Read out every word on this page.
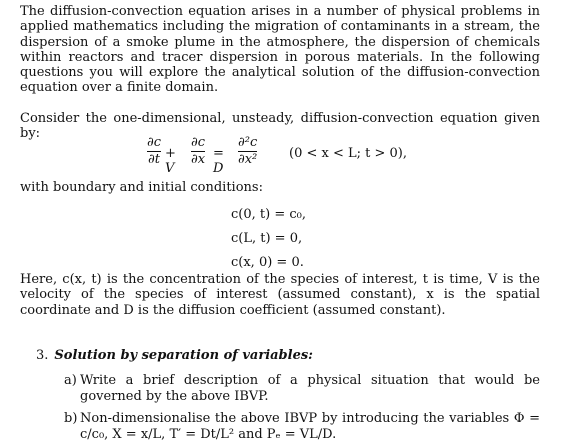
The diffusion-convection equation arises in a number of physical problems in applied mathematics including the migration of contaminants in a stream, the dispersion of a smoke plume in the atmosphere, the dispersion of chemicals within reactors and tracer dispersion in porous materials. In the following questions you will explore the analytical solution of the diffusion-convection equation over a finite domain.

Consider the one-dimensional, unsteady, diffusion-convection equation given by:

∂c
∂t + V
∂c
∂x = D
∂²c
∂x² (0 < x < L; t > 0),

with boundary and initial conditions:

c(0, t) = c₀,
c(L, t) = 0,
c(x, 0) = 0.

Here, c(x, t) is the concentration of the species of interest, t is time, V is the velocity of the species of interest (assumed constant), x is the spatial coordinate and D is the diffusion coefficient (assumed constant).

3. Solution by separation of variables:
a) Write a brief description of a physical situation that would be governed by the above IBVP.
b) Non-dimensionalise the above IBVP by introducing the variables Φ = c/c₀, X = x/L, T′ = Dt/L² and Pₑ = VL/D.
